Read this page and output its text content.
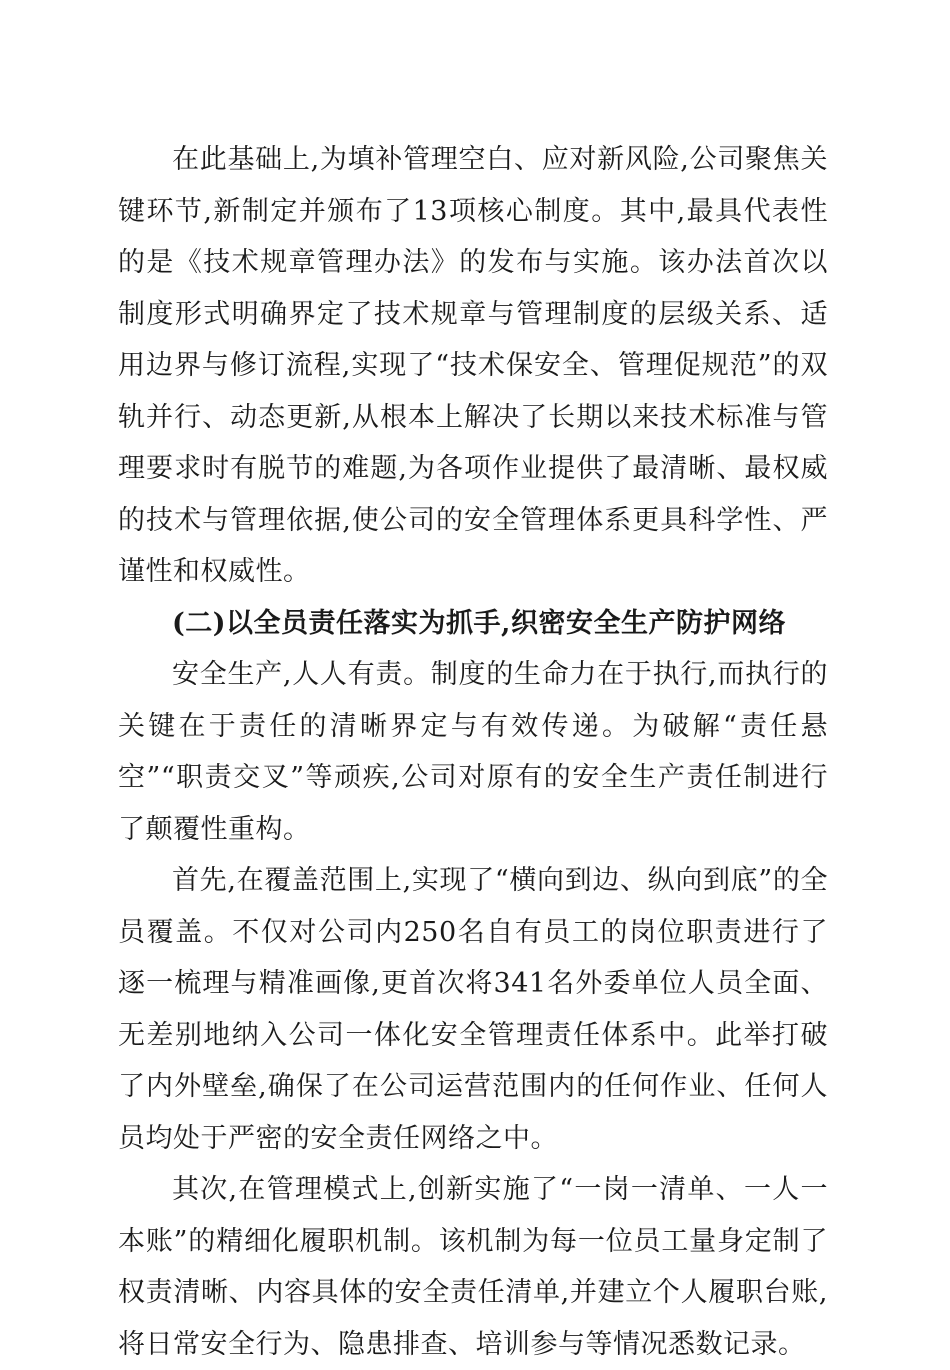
在此基础上,为填补管理空白、应对新风险,公司聚焦关键环节,新制定并颁布了13项核心制度。其中,最具代表性的是《技术规章管理办法》的发布与实施。该办法首次以制度形式明确界定了技术规章与管理制度的层级关系、适用边界与修订流程,实现了“技术保安全、管理促规范”的双轨并行、动态更新,从根本上解决了长期以来技术标准与管理要求时有脱节的难题,为各项作业提供了最清晰、最权威的技术与管理依据,使公司的安全管理体系更具科学性、严谨性和权威性。

(二)以全员责任落实为抓手,织密安全生产防护网络

安全生产,人人有责。制度的生命力在于执行,而执行的关键在于责任的清晰界定与有效传递。为破解“责任悬空”“职责交叉”等顽疾,公司对原有的安全生产责任制进行了颠覆性重构。

首先,在覆盖范围上,实现了“横向到边、纵向到底”的全员覆盖。不仅对公司内250名自有员工的岗位职责进行了逐一梳理与精准画像,更首次将341名外委单位人员全面、无差别地纳入公司一体化安全管理责任体系中。此举打破了内外壁垒,确保了在公司运营范围内的任何作业、任何人员均处于严密的安全责任网络之中。

其次,在管理模式上,创新实施了“一岗一清单、一人一本账”的精细化履职机制。该机制为每一位员工量身定制了权责清晰、内容具体的安全责任清单,并建立个人履职台账,将日常安全行为、隐患排查、培训参与等情况悉数记录。
